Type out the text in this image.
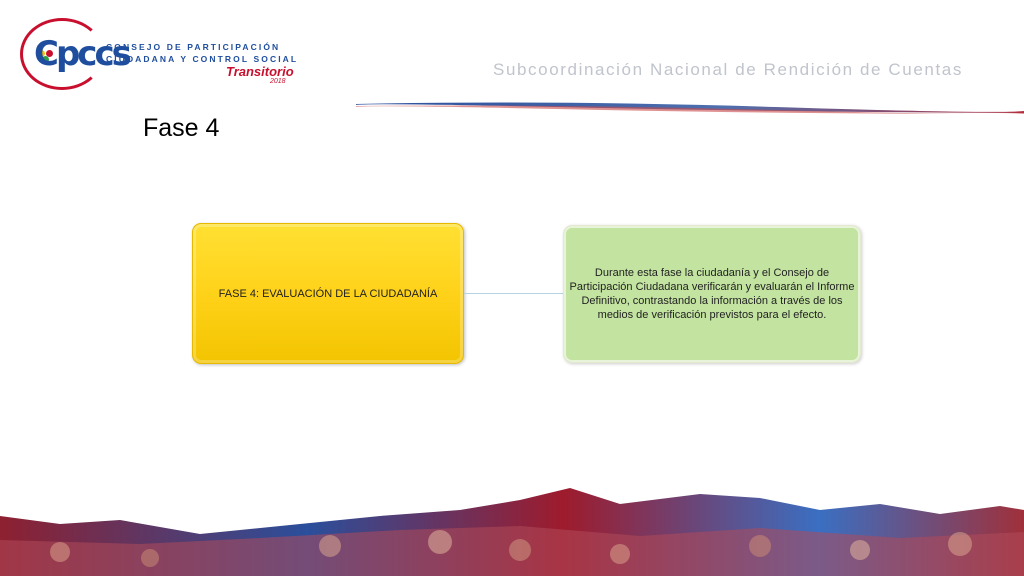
Cpccs
CONSEJO DE PARTICIPACIÓN
CIUDADANA Y CONTROL SOCIAL
Transitorio
2018
Subcoordinación Nacional de Rendición de Cuentas
Fase 4
FASE 4: EVALUACIÓN DE LA CIUDADANÍA
Durante esta fase la ciudadanía y el Consejo de Participación Ciudadana verificarán y evaluarán el Informe Definitivo, contrastando la información a través de los medios de verificación previstos para el efecto.
